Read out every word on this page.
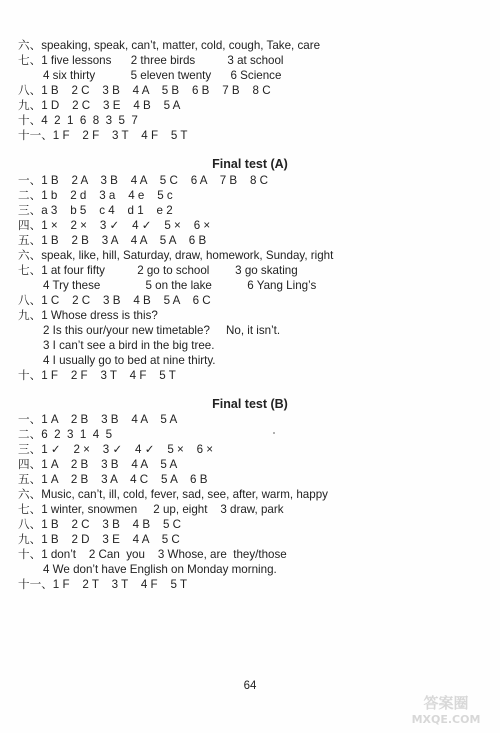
六、speaking, speak, can’t, matter, cold, cough, Take, care
七、1 five lessons      2 three birds          3 at school
4 six thirty           5 eleven twenty      6 Science
八、1 B    2 C    3 B    4 A    5 B    6 B    7 B    8 C
九、1 D    2 C    3 E    4 B    5 A
十、4  2  1  6  8  3  5  7
十一、1 F    2 F    3 T    4 F    5 T
Final test (A)
一、1 B    2 A    3 B    4 A    5 C    6 A    7 B    8 C
二、1 b    2 d    3 a    4 e    5 c
三、a 3    b 5    c 4    d 1    e 2
四、1 ×    2 ×    3 ✓    4 ✓    5 ×    6 ×
五、1 B    2 B    3 A    4 A    5 A    6 B
六、speak, like, hill, Saturday, draw, homework, Sunday, right
七、1 at four fifty          2 go to school        3 go skating
4 Try these              5 on the lake           6 Yang Ling’s
八、1 C    2 C    3 B    4 B    5 A    6 C
九、1 Whose dress is this?
2 Is this our/your new timetable?     No, it isn’t.
3 I can’t see a bird in the big tree.
4 I usually go to bed at nine thirty.
十、1 F    2 F    3 T    4 F    5 T
Final test (B)
一、1 A    2 B    3 B    4 A    5 A
二、6  2  3  1  4  5
三、1 ✓    2 ×    3 ✓    4 ✓    5 ×    6 ×
四、1 A    2 B    3 B    4 A    5 A
五、1 A    2 B    3 A    4 C    5 A    6 B
六、Music, can’t, ill, cold, fever, sad, see, after, warm, happy
七、1 winter, snowmen     2 up, eight    3 draw, park
八、1 B    2 C    3 B    4 B    5 C
九、1 B    2 D    3 E    4 A    5 C
十、1 don’t    2 Can  you    3 Whose, are  they/those
4 We don’t have English on Monday morning.
十一、1 F    2 T    3 T    4 F    5 T
64
答案圈
MXQE.COM
